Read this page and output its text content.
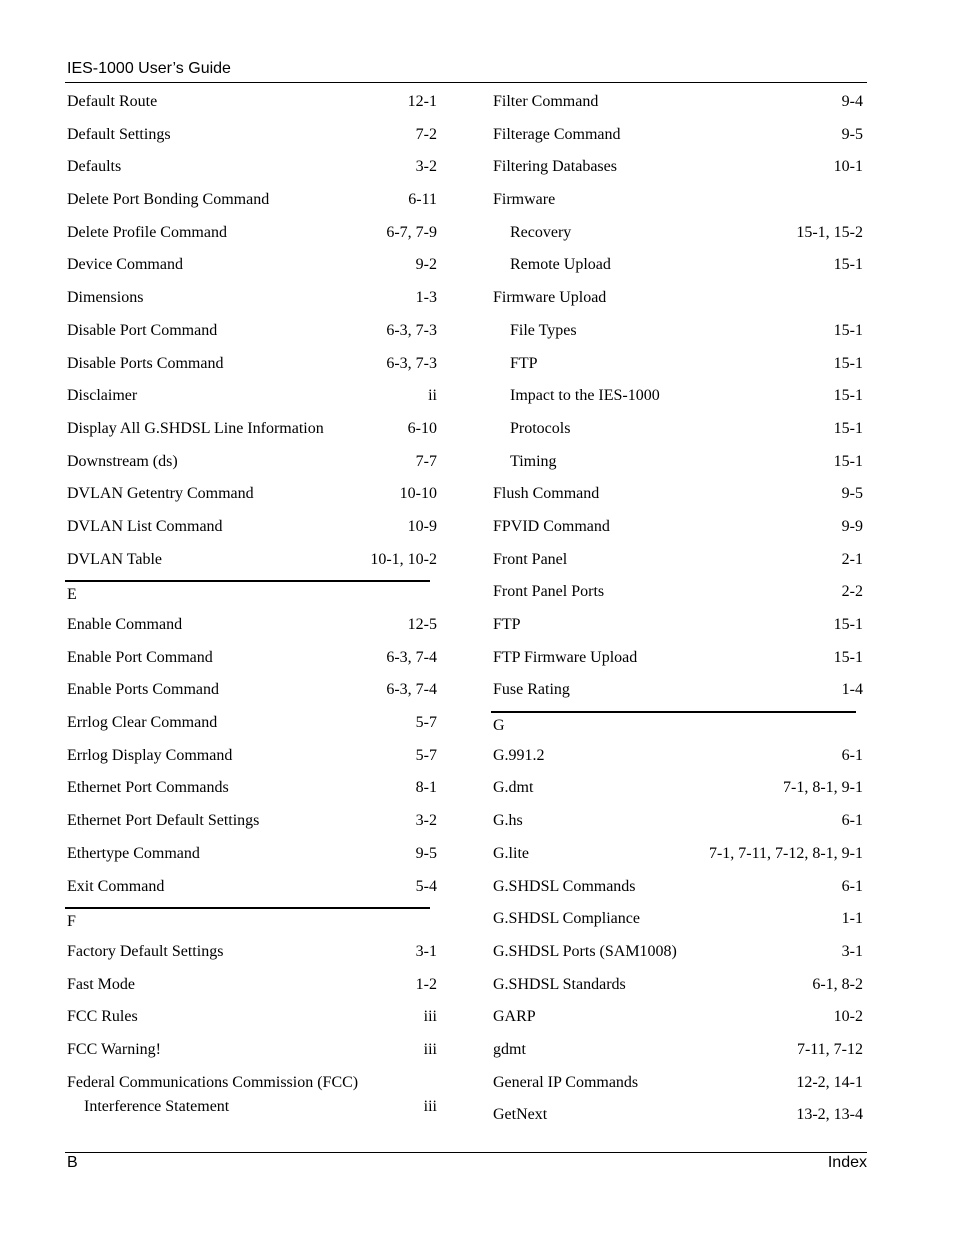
IES-1000 User’s Guide
Default Route	12-1
Default Settings	7-2
Defaults	3-2
Delete Port Bonding Command	6-11
Delete Profile Command	6-7, 7-9
Device Command	9-2
Dimensions	1-3
Disable Port Command	6-3, 7-3
Disable Ports Command	6-3, 7-3
Disclaimer	ii
Display All G.SHDSL Line Information	6-10
Downstream (ds)	7-7
DVLAN Getentry Command	10-10
DVLAN List Command	10-9
DVLAN Table	10-1, 10-2
E
Enable Command	12-5
Enable Port Command	6-3, 7-4
Enable Ports Command	6-3, 7-4
Errlog Clear Command	5-7
Errlog Display Command	5-7
Ethernet Port Commands	8-1
Ethernet Port Default Settings	3-2
Ethertype Command	9-5
Exit Command	5-4
F
Factory Default Settings	3-1
Fast Mode	1-2
FCC Rules	iii
FCC Warning!	iii
Federal Communications Commission (FCC)
Interference Statement	iii
Filter Command	9-4
Filterage Command	9-5
Filtering Databases	10-1
Firmware
Recovery	15-1, 15-2
Remote Upload	15-1
Firmware Upload
File Types	15-1
FTP	15-1
Impact to the IES-1000	15-1
Protocols	15-1
Timing	15-1
Flush Command	9-5
FPVID Command	9-9
Front Panel	2-1
Front Panel Ports	2-2
FTP	15-1
FTP Firmware Upload	15-1
Fuse Rating	1-4
G
G.991.2	6-1
G.dmt	7-1, 8-1, 9-1
G.hs	6-1
G.lite	7-1, 7-11, 7-12, 8-1, 9-1
G.SHDSL Commands	6-1
G.SHDSL Compliance	1-1
G.SHDSL Ports (SAM1008)	3-1
G.SHDSL Standards	6-1, 8-2
GARP	10-2
gdmt	7-11, 7-12
General IP Commands	12-2, 14-1
GetNext	13-2, 13-4
B	Index
